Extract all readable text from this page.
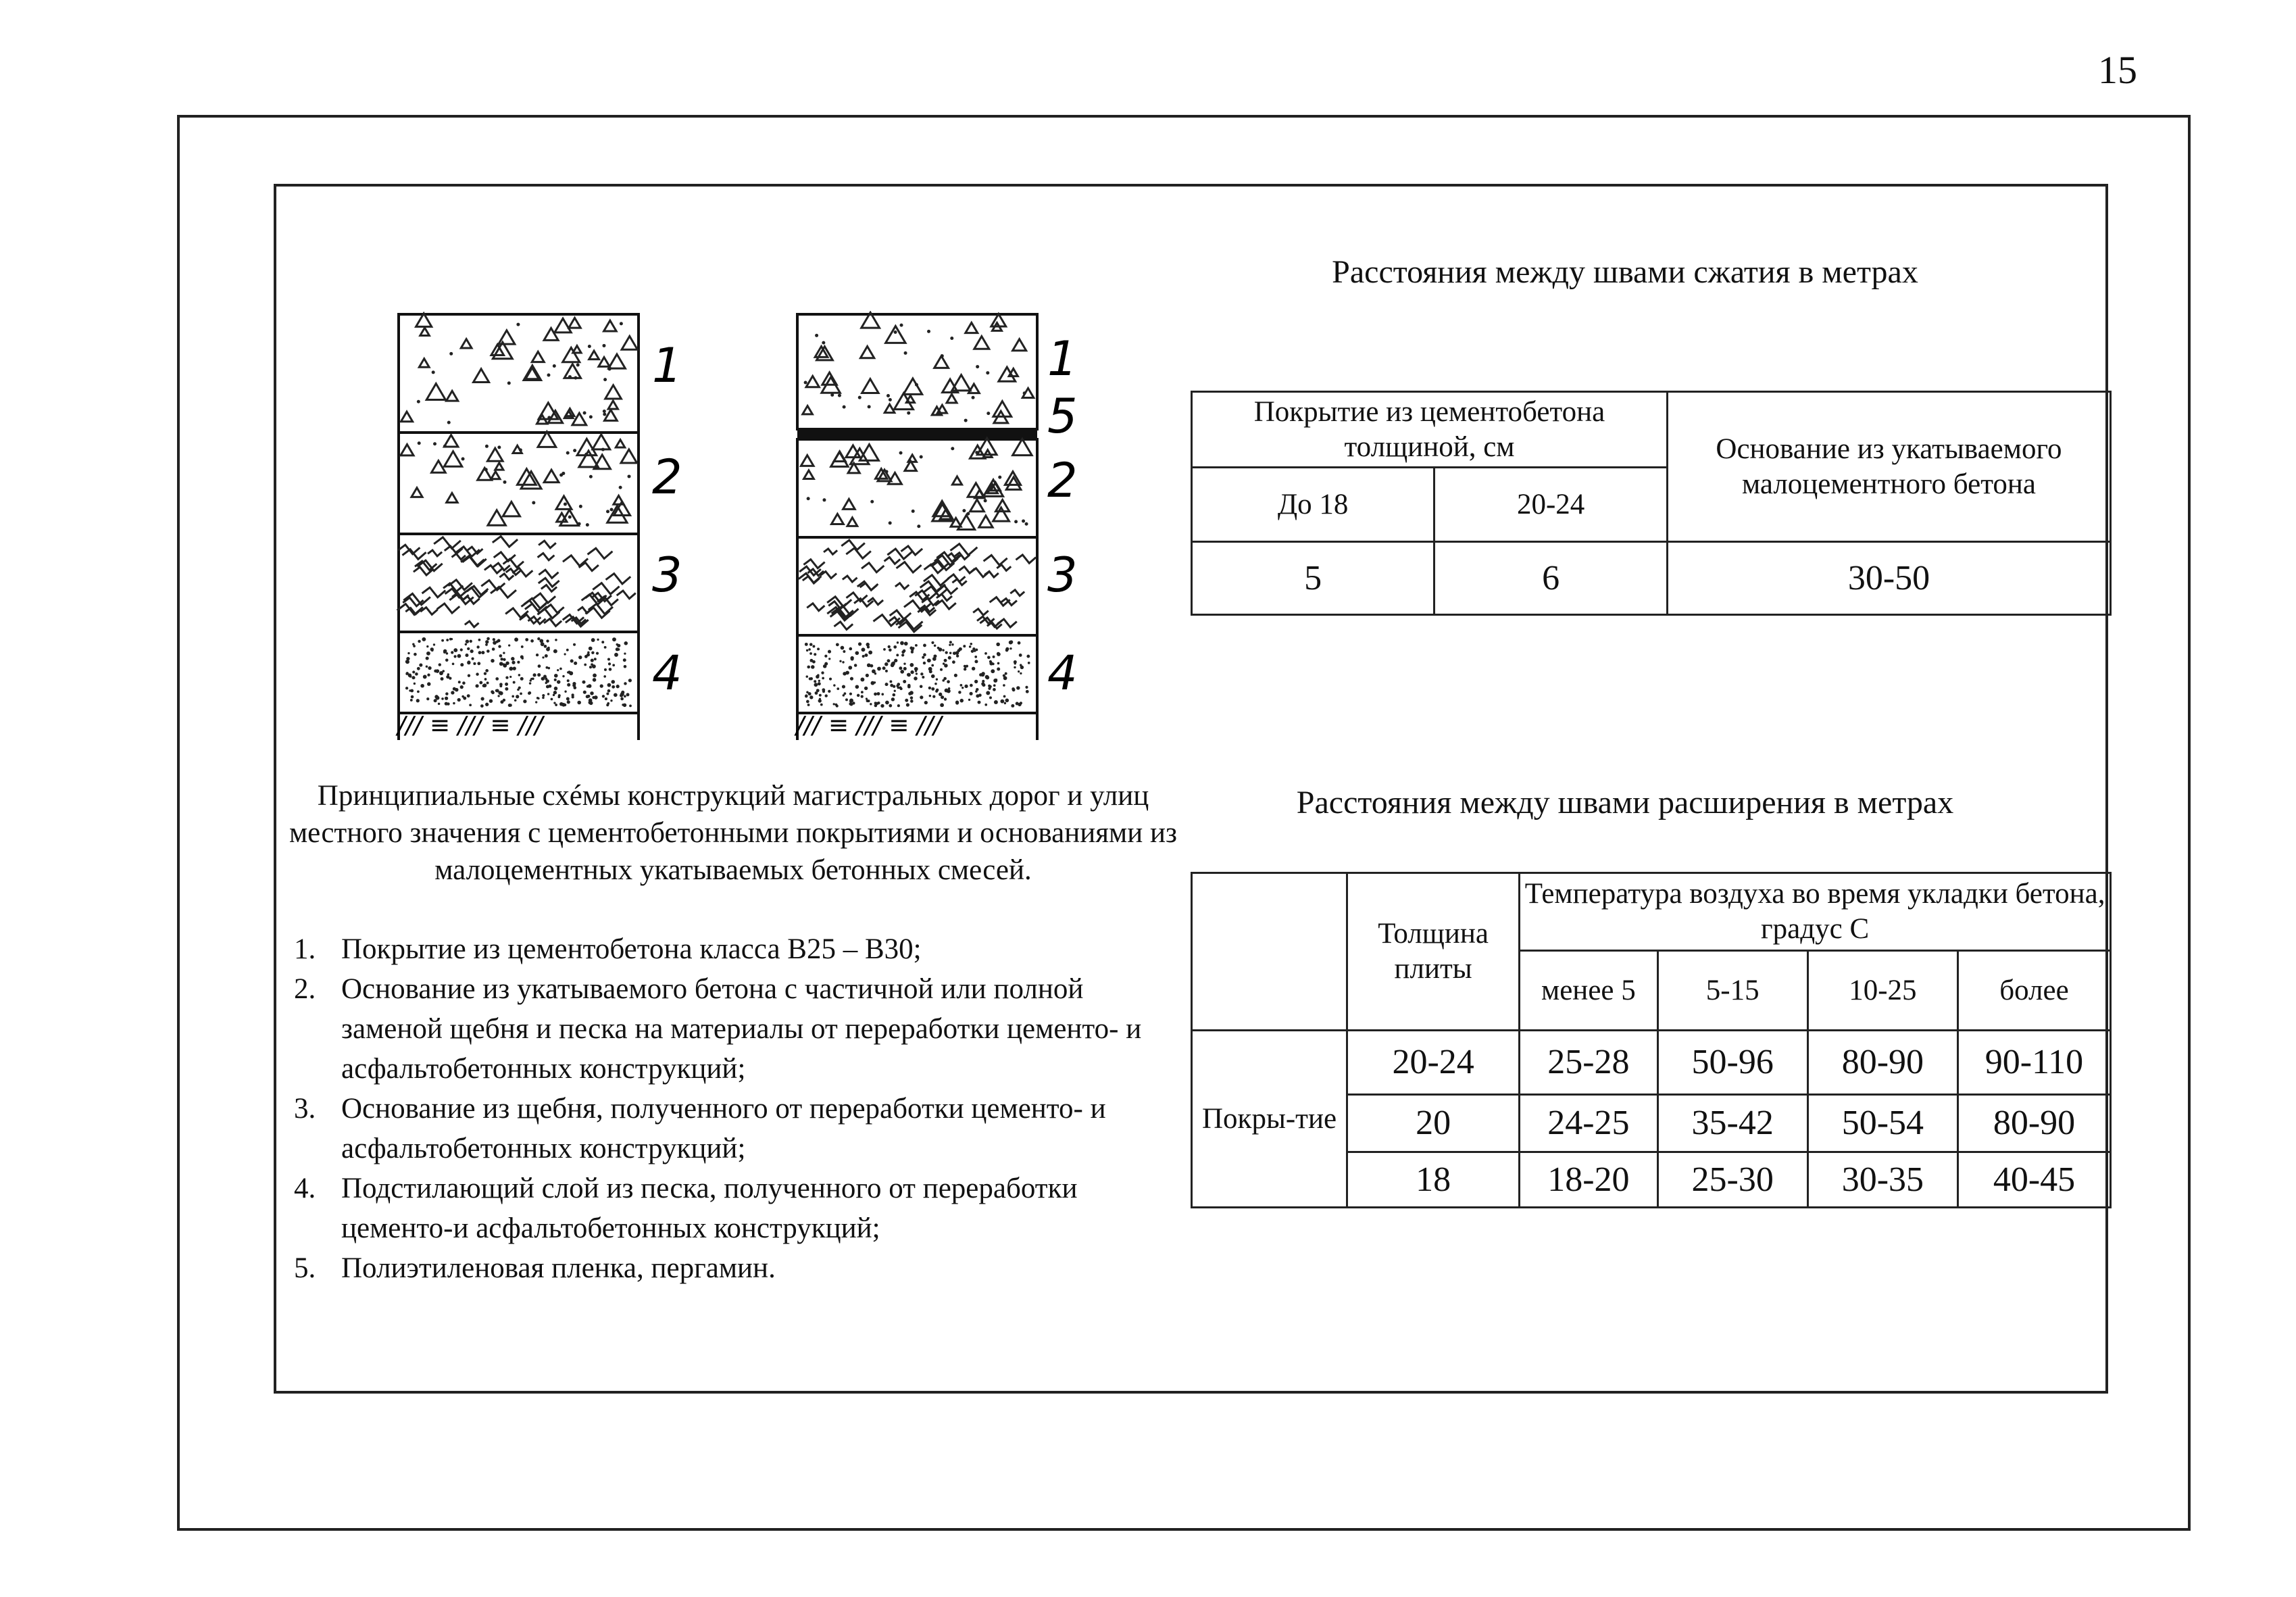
15
1
2
3
4
/// ≡ /// ≡ ///
1
5
2
3
4
/// ≡ /// ≡ ///
Принципиальные схéмы конструкций магистральных дорог и улиц местного значения с цементобетонными покрытиями и основаниями из малоцементных укатываемых бетонных смесей.
1. Покрытие из цементобетона класса В25 – В30;
2. Основание из укатываемого бетона с частичной или полной заменой щебня и песка на материалы от переработки цементо- и асфальтобетонных конструкций;
3. Основание из щебня, полученного от переработки цементо- и асфальтобетонных конструкций;
4. Подстилающий слой из песка, полученного от переработки цементо-и асфальтобетонных конструкций;
5. Полиэтиленовая пленка, пергамин.
Расстояния между швами сжатия в метрах
Покрытие из цементобетона толщиной, см		Основание из укатываемого малоцементного бетона
До 18	20-24	
5	6	30-50
Расстояния между швами расширения в метрах
	Толщина плиты	Температура воздуха во время укладки бетона, градус С			
		менее 5	5-15	10-25	более
Покры-тие	20-24	25-28	50-96	80-90	90-110
	20	24-25	35-42	50-54	80-90
	18	18-20	25-30	30-35	40-45
